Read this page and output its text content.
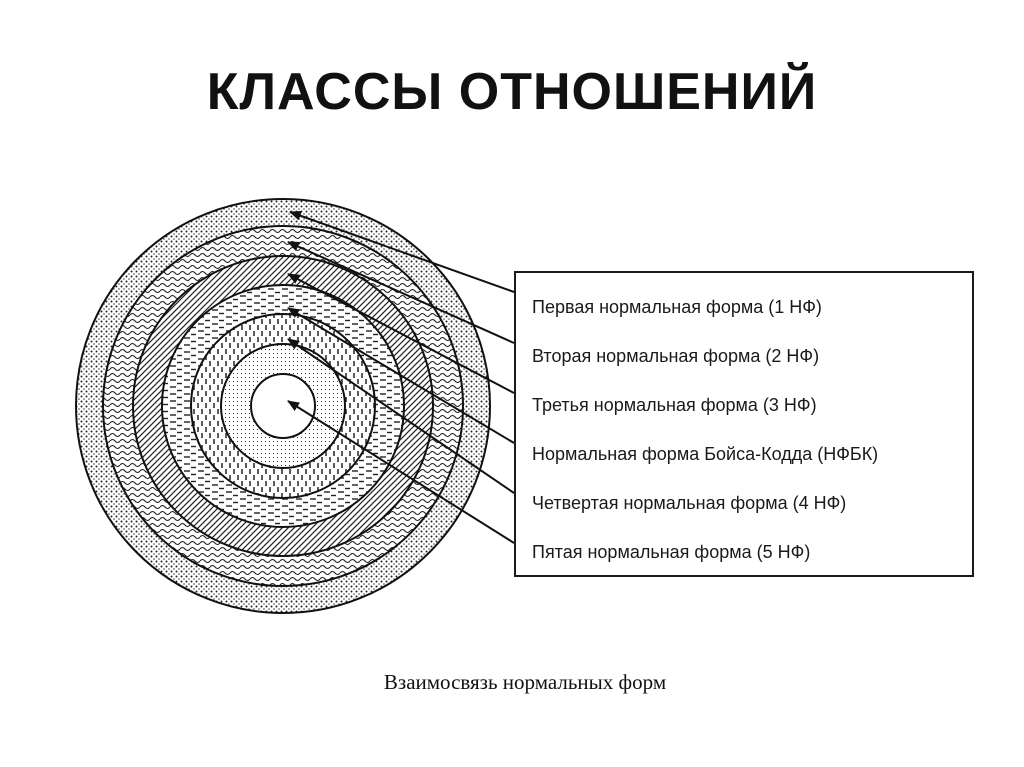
КЛАССЫ ОТНОШЕНИЙ
Первая нормальная форма (1 НФ)
Вторая нормальная форма (2 НФ)
Третья нормальная форма (3 НФ)
Нормальная форма Бойса-Кодда (НФБК)
Четвертая нормальная форма (4 НФ)
Пятая нормальная форма (5 НФ)
Взаимосвязь нормальных форм
